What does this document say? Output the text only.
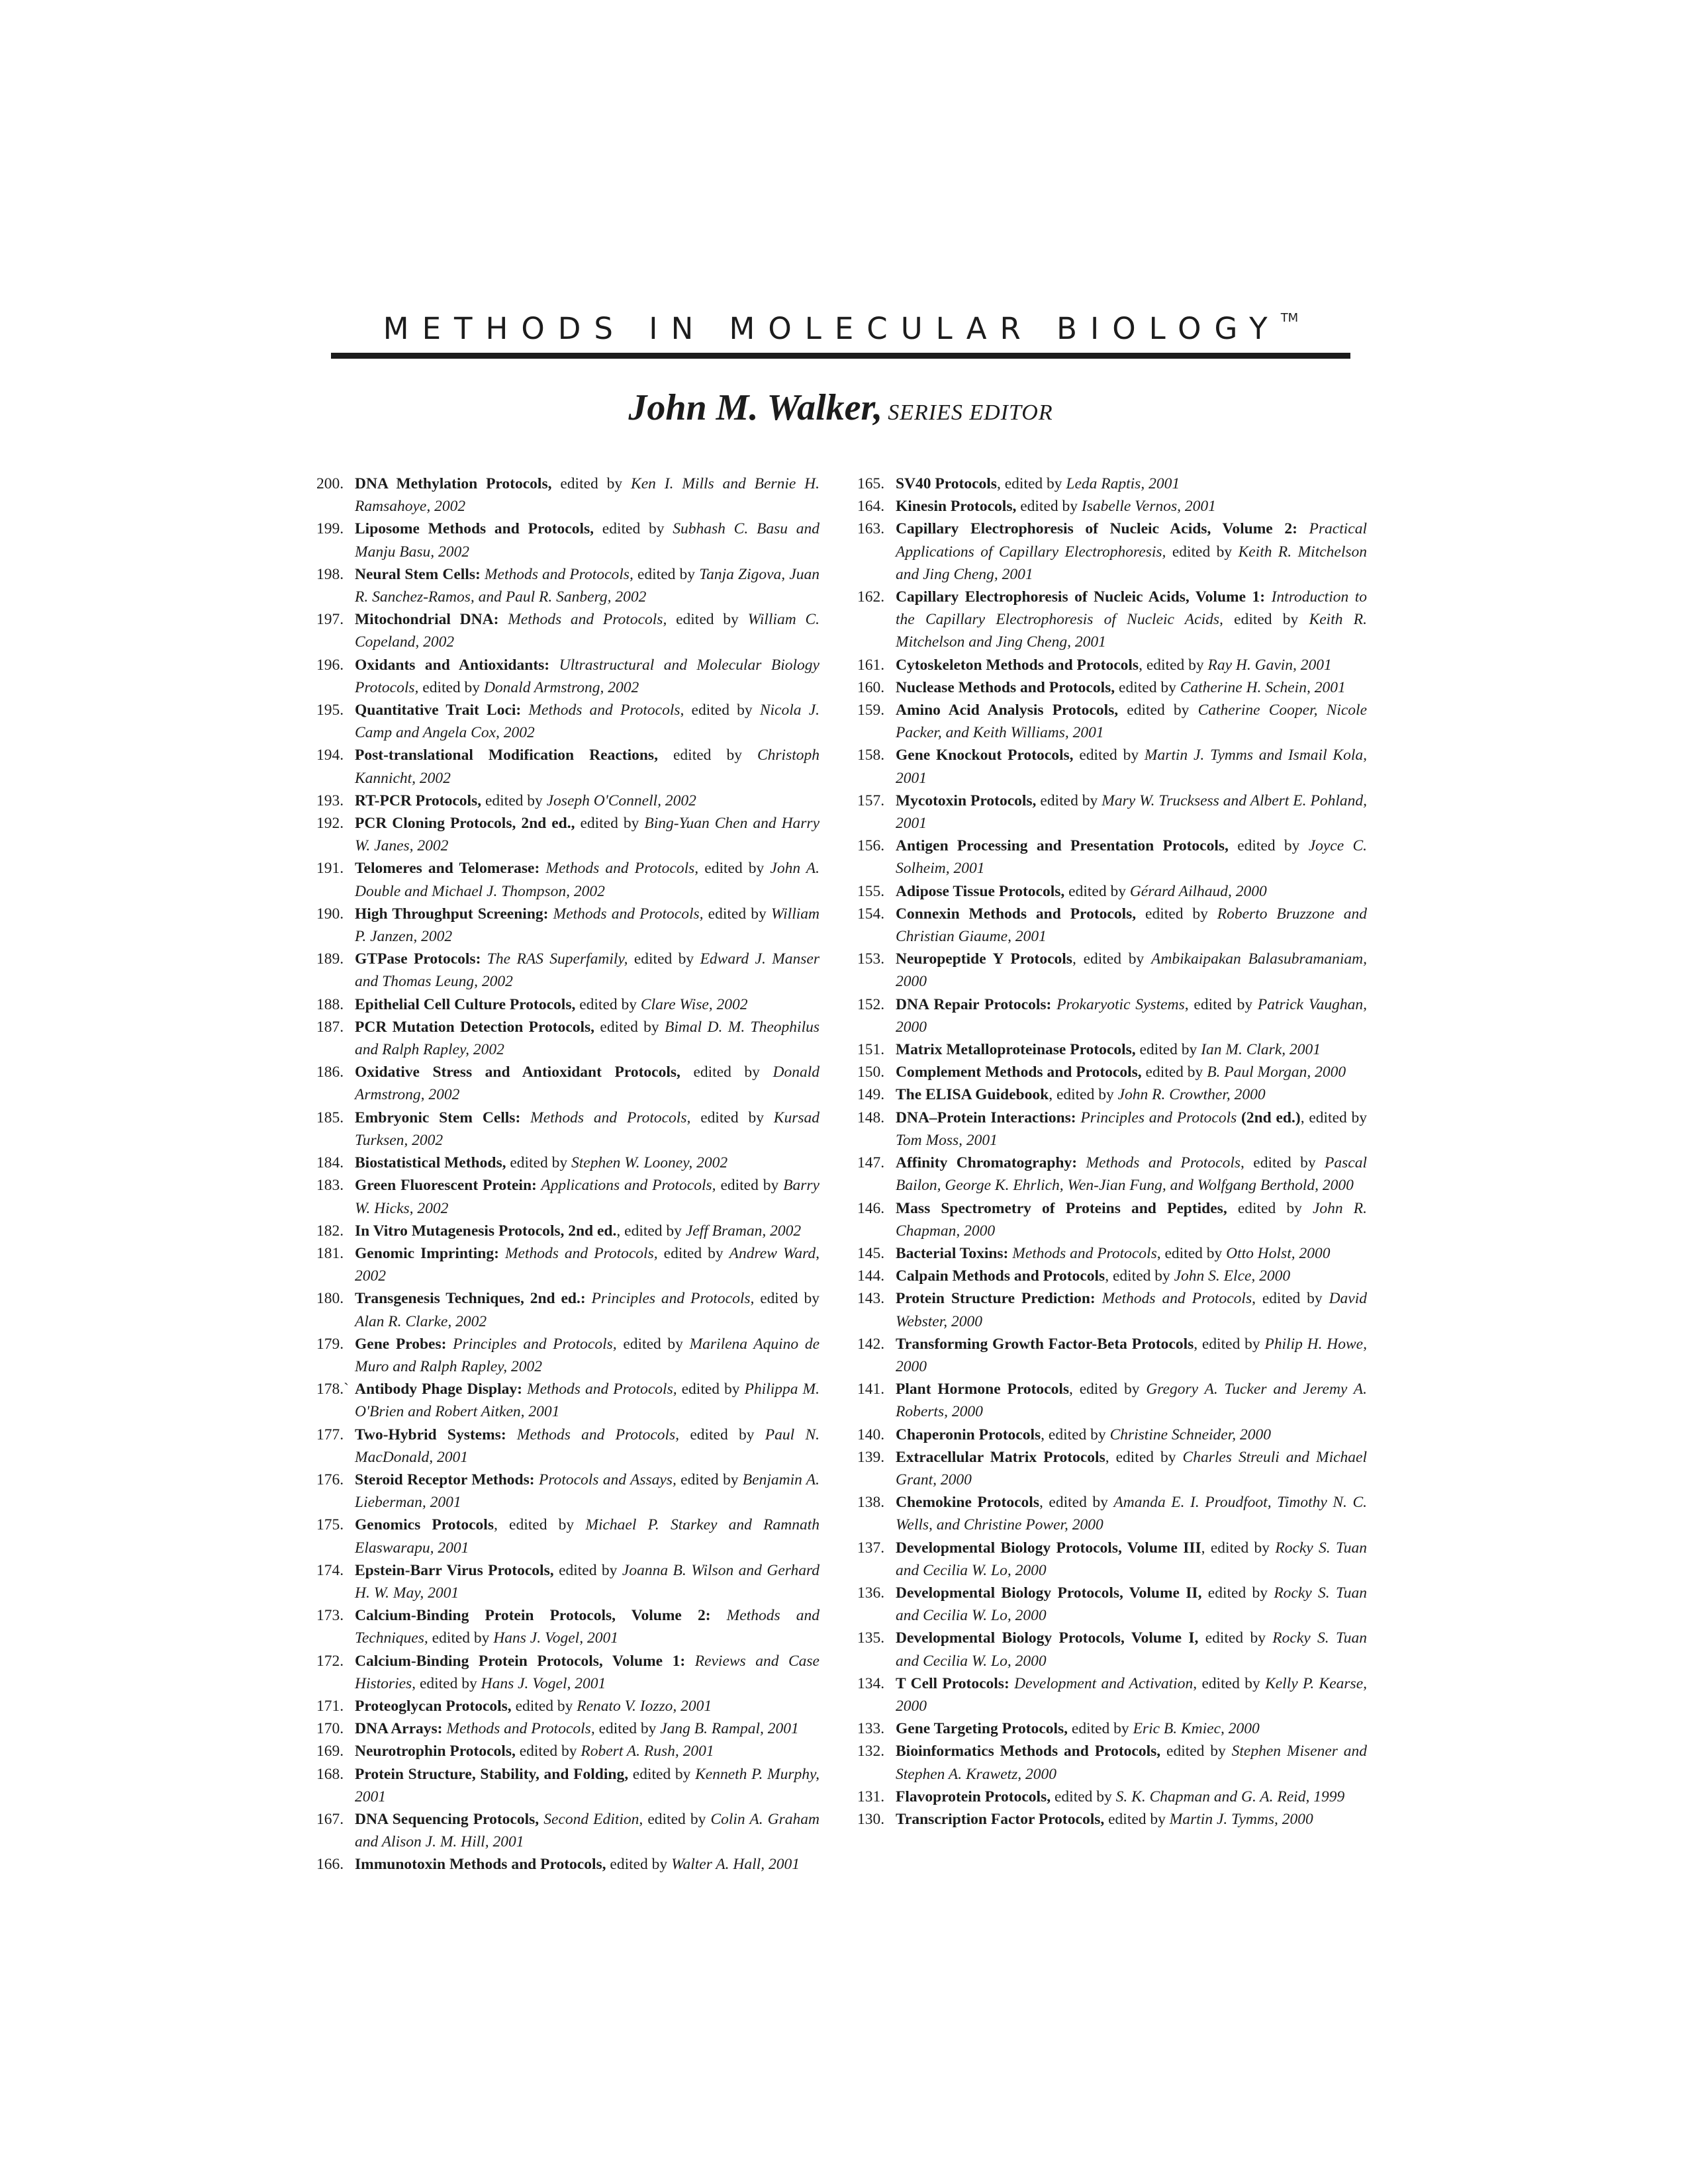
METHODS IN MOLECULAR BIOLOGY™
John M. Walker, SERIES EDITOR

200. DNA Methylation Protocols, edited by Ken I. Mills and Bernie H. Ramsahoye, 2002

199. Liposome Methods and Protocols, edited by Subhash C. Basu and Manju Basu, 2002

198. Neural Stem Cells: Methods and Protocols, edited by Tanja Zigova, Juan R. Sanchez-Ramos, and Paul R. Sanberg, 2002

197. Mitochondrial DNA: Methods and Protocols, edited by William C. Copeland, 2002

196. Oxidants and Antioxidants: Ultrastructural and Molecular Biology Protocols, edited by Donald Armstrong, 2002

195. Quantitative Trait Loci: Methods and Protocols, edited by Nicola J. Camp and Angela Cox, 2002

194. Post-translational Modification Reactions, edited by Christoph Kannicht, 2002

193. RT-PCR Protocols, edited by Joseph O'Connell, 2002

192. PCR Cloning Protocols, 2nd ed., edited by Bing-Yuan Chen and Harry W. Janes, 2002

191. Telomeres and Telomerase: Methods and Protocols, edited by John A. Double and Michael J. Thompson, 2002

190. High Throughput Screening: Methods and Protocols, edited by William P. Janzen, 2002

189. GTPase Protocols: The RAS Superfamily, edited by Edward J. Manser and Thomas Leung, 2002

188. Epithelial Cell Culture Protocols, edited by Clare Wise, 2002

187. PCR Mutation Detection Protocols, edited by Bimal D. M. Theophilus and Ralph Rapley, 2002

186. Oxidative Stress and Antioxidant Protocols, edited by Donald Armstrong, 2002

185. Embryonic Stem Cells: Methods and Protocols, edited by Kursad Turksen, 2002

184. Biostatistical Methods, edited by Stephen W. Looney, 2002

183. Green Fluorescent Protein: Applications and Protocols, edited by Barry W. Hicks, 2002

182. In Vitro Mutagenesis Protocols, 2nd ed., edited by Jeff Braman, 2002

181. Genomic Imprinting: Methods and Protocols, edited by Andrew Ward, 2002

180. Transgenesis Techniques, 2nd ed.: Principles and Protocols, edited by Alan R. Clarke, 2002

179. Gene Probes: Principles and Protocols, edited by Marilena Aquino de Muro and Ralph Rapley, 2002

178.` Antibody Phage Display: Methods and Protocols, edited by Philippa M. O'Brien and Robert Aitken, 2001

177. Two-Hybrid Systems: Methods and Protocols, edited by Paul N. MacDonald, 2001

176. Steroid Receptor Methods: Protocols and Assays, edited by Benjamin A. Lieberman, 2001

175. Genomics Protocols, edited by Michael P. Starkey and Ramnath Elaswarapu, 2001

174. Epstein-Barr Virus Protocols, edited by Joanna B. Wilson and Gerhard H. W. May, 2001

173. Calcium-Binding Protein Protocols, Volume 2: Methods and Techniques, edited by Hans J. Vogel, 2001

172. Calcium-Binding Protein Protocols, Volume 1: Reviews and Case Histories, edited by Hans J. Vogel, 2001

171. Proteoglycan Protocols, edited by Renato V. Iozzo, 2001

170. DNA Arrays: Methods and Protocols, edited by Jang B. Rampal, 2001

169. Neurotrophin Protocols, edited by Robert A. Rush, 2001

168. Protein Structure, Stability, and Folding, edited by Kenneth P. Murphy, 2001

167. DNA Sequencing Protocols, Second Edition, edited by Colin A. Graham and Alison J. M. Hill, 2001

166. Immunotoxin Methods and Protocols, edited by Walter A. Hall, 2001

165. SV40 Protocols, edited by Leda Raptis, 2001

164. Kinesin Protocols, edited by Isabelle Vernos, 2001

163. Capillary Electrophoresis of Nucleic Acids, Volume 2: Practical Applications of Capillary Electrophoresis, edited by Keith R. Mitchelson and Jing Cheng, 2001

162. Capillary Electrophoresis of Nucleic Acids, Volume 1: Introduction to the Capillary Electrophoresis of Nucleic Acids, edited by Keith R. Mitchelson and Jing Cheng, 2001

161. Cytoskeleton Methods and Protocols, edited by Ray H. Gavin, 2001

160. Nuclease Methods and Protocols, edited by Catherine H. Schein, 2001

159. Amino Acid Analysis Protocols, edited by Catherine Cooper, Nicole Packer, and Keith Williams, 2001

158. Gene Knockout Protocols, edited by Martin J. Tymms and Ismail Kola, 2001

157. Mycotoxin Protocols, edited by Mary W. Trucksess and Albert E. Pohland, 2001

156. Antigen Processing and Presentation Protocols, edited by Joyce C. Solheim, 2001

155. Adipose Tissue Protocols, edited by Gérard Ailhaud, 2000

154. Connexin Methods and Protocols, edited by Roberto Bruzzone and Christian Giaume, 2001

153. Neuropeptide Y Protocols, edited by Ambikaipakan Balasubramaniam, 2000

152. DNA Repair Protocols: Prokaryotic Systems, edited by Patrick Vaughan, 2000

151. Matrix Metalloproteinase Protocols, edited by Ian M. Clark, 2001

150. Complement Methods and Protocols, edited by B. Paul Morgan, 2000

149. The ELISA Guidebook, edited by John R. Crowther, 2000

148. DNA–Protein Interactions: Principles and Protocols (2nd ed.), edited by Tom Moss, 2001

147. Affinity Chromatography: Methods and Protocols, edited by Pascal Bailon, George K. Ehrlich, Wen-Jian Fung, and Wolfgang Berthold, 2000

146. Mass Spectrometry of Proteins and Peptides, edited by John R. Chapman, 2000

145. Bacterial Toxins: Methods and Protocols, edited by Otto Holst, 2000

144. Calpain Methods and Protocols, edited by John S. Elce, 2000

143. Protein Structure Prediction: Methods and Protocols, edited by David Webster, 2000

142. Transforming Growth Factor-Beta Protocols, edited by Philip H. Howe, 2000

141. Plant Hormone Protocols, edited by Gregory A. Tucker and Jeremy A. Roberts, 2000

140. Chaperonin Protocols, edited by Christine Schneider, 2000

139. Extracellular Matrix Protocols, edited by Charles Streuli and Michael Grant, 2000

138. Chemokine Protocols, edited by Amanda E. I. Proudfoot, Timothy N. C. Wells, and Christine Power, 2000

137. Developmental Biology Protocols, Volume III, edited by Rocky S. Tuan and Cecilia W. Lo, 2000

136. Developmental Biology Protocols, Volume II, edited by Rocky S. Tuan and Cecilia W. Lo, 2000

135. Developmental Biology Protocols, Volume I, edited by Rocky S. Tuan and Cecilia W. Lo, 2000

134. T Cell Protocols: Development and Activation, edited by Kelly P. Kearse, 2000

133. Gene Targeting Protocols, edited by Eric B. Kmiec, 2000

132. Bioinformatics Methods and Protocols, edited by Stephen Misener and Stephen A. Krawetz, 2000

131. Flavoprotein Protocols, edited by S. K. Chapman and G. A. Reid, 1999

130. Transcription Factor Protocols, edited by Martin J. Tymms, 2000
